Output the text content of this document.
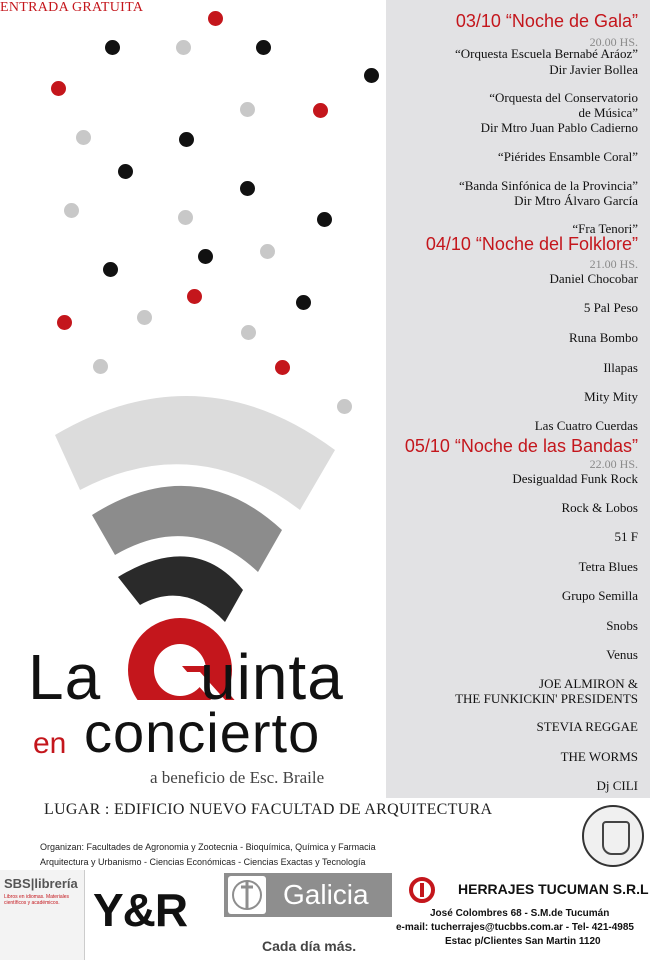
ENTRADA GRATUITA
03/10 “Noche de Gala”
20.00 HS.
“Orquesta Escuela Bernabé Aráoz”
Dir Javier Bollea
“Orquesta del Conservatorio
de Música”
Dir Mtro Juan Pablo Cadierno
“Piérides Ensamble Coral”
“Banda Sinfónica de la Provincia”
Dir Mtro Álvaro García
“Fra Tenori”
04/10 “Noche del Folklore”
21.00 HS.
Daniel Chocobar
5 Pal Peso
Runa Bombo
Illapas
Mity Mity
Las Cuatro Cuerdas
05/10 “Noche de las Bandas”
22.00 HS.
Desigualdad Funk Rock
Rock & Lobos
51 F
Tetra Blues
Grupo Semilla
Snobs
Venus
JOE ALMIRON &
THE FUNKICKIN' PRESIDENTS
STEVIA REGGAE
THE WORMS
Dj CILI
La uinta
en concierto
a beneficio de Esc. Braile
LUGAR : EDIFICIO NUEVO FACULTAD DE ARQUITECTURA
Organizan: Facultades de Agronomia y Zootecnia - Bioquímica, Química y Farmacia
Arquitectura y Urbanismo - Ciencias Económicas - Ciencias Exactas y Tecnología
SBS|librería
Libros en idiomas. Materiales científicos y académicos. Y&R	Galicia
Cada día más.
HERRAJES TUCUMAN S.R.L
José Colombres 68 - S.M.de Tucumán
e-mail: tucherrajes@tucbbs.com.ar - Tel- 421-4985
Estac p/Clientes San Martin 1120
